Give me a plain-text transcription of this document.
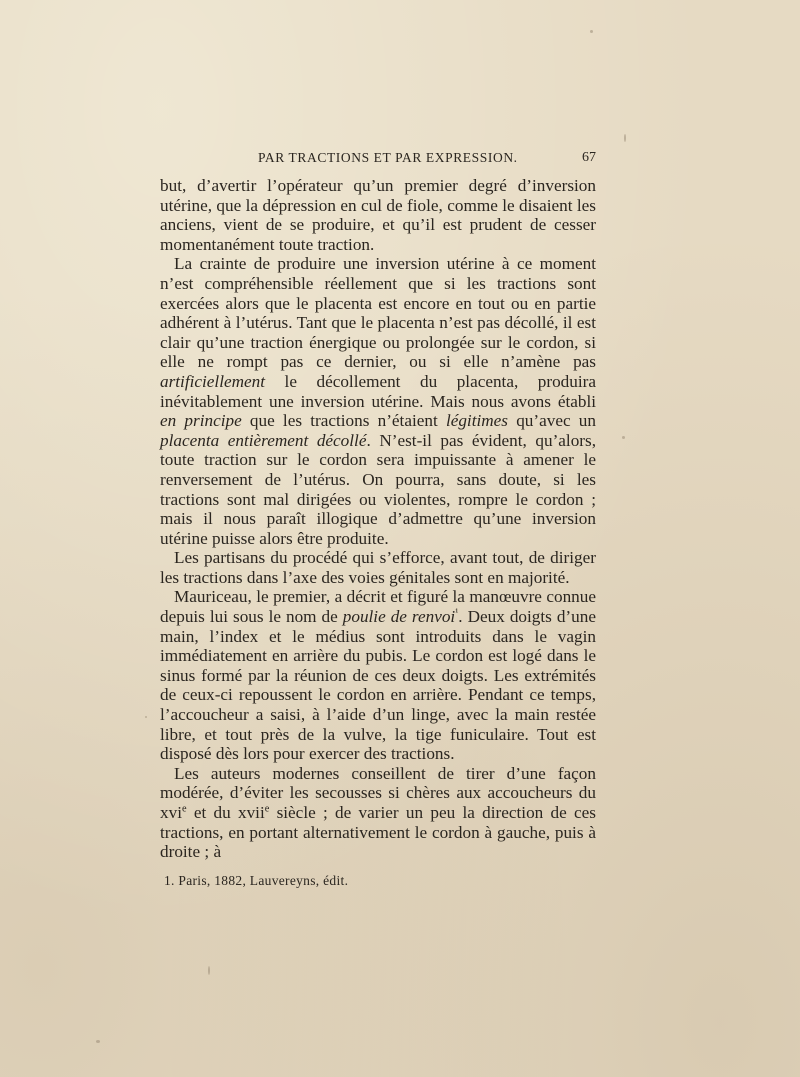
PAR TRACTIONS ET PAR EXPRESSION.	67

but, d’avertir l’opérateur qu’un premier degré d’inversion utérine, que la dépression en cul de fiole, comme le disaient les anciens, vient de se produire, et qu’il est prudent de cesser momentanément toute traction.

La crainte de produire une inversion utérine à ce moment n’est compréhensible réellement que si les tractions sont exercées alors que le placenta est encore en tout ou en partie adhérent à l’utérus. Tant que le placenta n’est pas décollé, il est clair qu’une traction énergique ou prolongée sur le cordon, si elle ne rompt pas ce dernier, ou si elle n’amène pas artificiellement le décollement du placenta, produira inévitablement une inversion utérine. Mais nous avons établi en principe que les tractions n’étaient légitimes qu’avec un placenta entièrement décollé. N’est-il pas évident, qu’alors, toute traction sur le cordon sera impuissante à amener le renversement de l’utérus. On pourra, sans doute, si les tractions sont mal dirigées ou violentes, rompre le cordon ; mais il nous paraît illogique d’admettre qu’une inversion utérine puisse alors être produite.

Les partisans du procédé qui s’efforce, avant tout, de diriger les tractions dans l’axe des voies génitales sont en majorité.

Mauriceau, le premier, a décrit et figuré la manœuvre connue depuis lui sous le nom de poulie de renvoi$^{^1}$. Deux doigts d’une main, l’index et le médius sont introduits dans le vagin immédiatement en arrière du pubis. Le cordon est logé dans le sinus formé par la réunion de ces deux doigts. Les extrémités de ceux-ci repoussent le cordon en arrière. Pendant ce temps, l’accoucheur a saisi, à l’aide d’un linge, avec la main restée libre, et tout près de la vulve, la tige funiculaire. Tout est disposé dès lors pour exercer des tractions.

Les auteurs modernes conseillent de tirer d’une façon modérée, d’éviter les secousses si chères aux accoucheurs du xvi$^e$ et du xvii$^e$ siècle ; de varier un peu la direction de ces tractions, en portant alternativement le cordon à gauche, puis à droite ; à

1. Paris, 1882, Lauvereyns, édit.
